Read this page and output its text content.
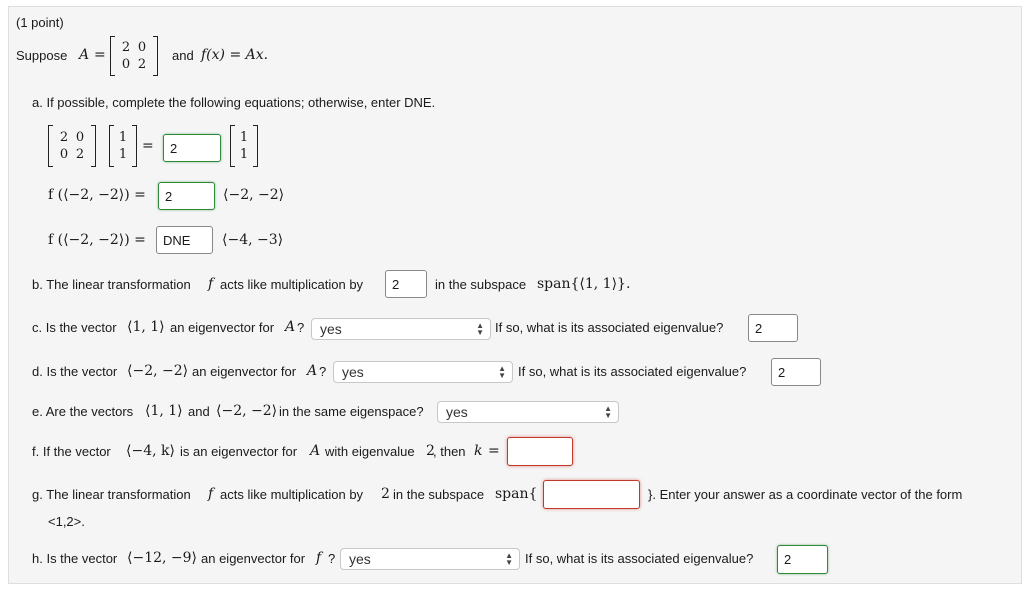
(1 point)
Suppose A = 2 0
0 2
and f(x) = Ax.
a. If possible, complete the following equations; otherwise, enter DNE.
2 0
0 2
1
1
=	2
1
1
f (⟨−2, −2⟩) =	2	⟨−2, −2⟩
f (⟨−2, −2⟩) =	DNE	⟨−4, −3⟩
b. The linear transformation f acts like multiplication by	2	in the subspace span{⟨1, 1⟩}.
c. Is the vector ⟨1, 1⟩ an eigenvector for A ? yes	▲
▼ If so, what is its associated eigenvalue?	2
d. Is the vector ⟨−2, −2⟩ an eigenvector for A ? yes	▲
▼ If so, what is its associated eigenvalue?	2
e. Are the vectors ⟨1, 1⟩ and ⟨−2, −2⟩ in the same eigenspace? yes	▲
▼
f. If the vector ⟨−4, k⟩ is an eigenvector for A with eigenvalue 2
, then k =
g. The linear transformation f acts like multiplication by 2 in the subspace span{	}. Enter your answer as a coordinate vector of the form
<1,2>.
h. Is the vector ⟨−12, −9⟩ an eigenvector for f ? yes	▲
▼ If so, what is its associated eigenvalue?	2
